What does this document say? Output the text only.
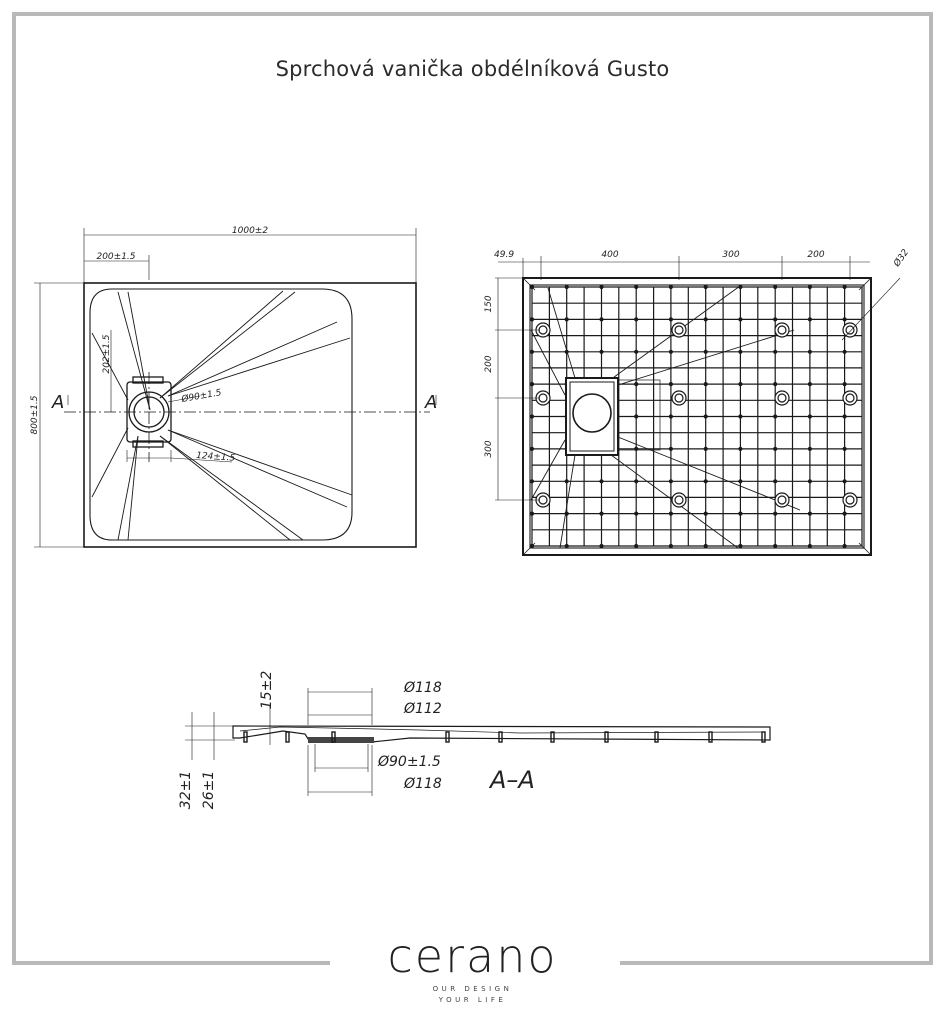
1000±2
200±1.5
202±1.5
Ø90±1.5
124±1.5
800±1.5 A	A
49.9	400	300	200	Ø32
150
200
300
Ø118
Ø112
Ø90±1.5
Ø118
15±2
32±1 26±1	A–A
Sprchová vanička obdélníková Gusto
cerano
OUR DESIGN
YOUR LIFE
